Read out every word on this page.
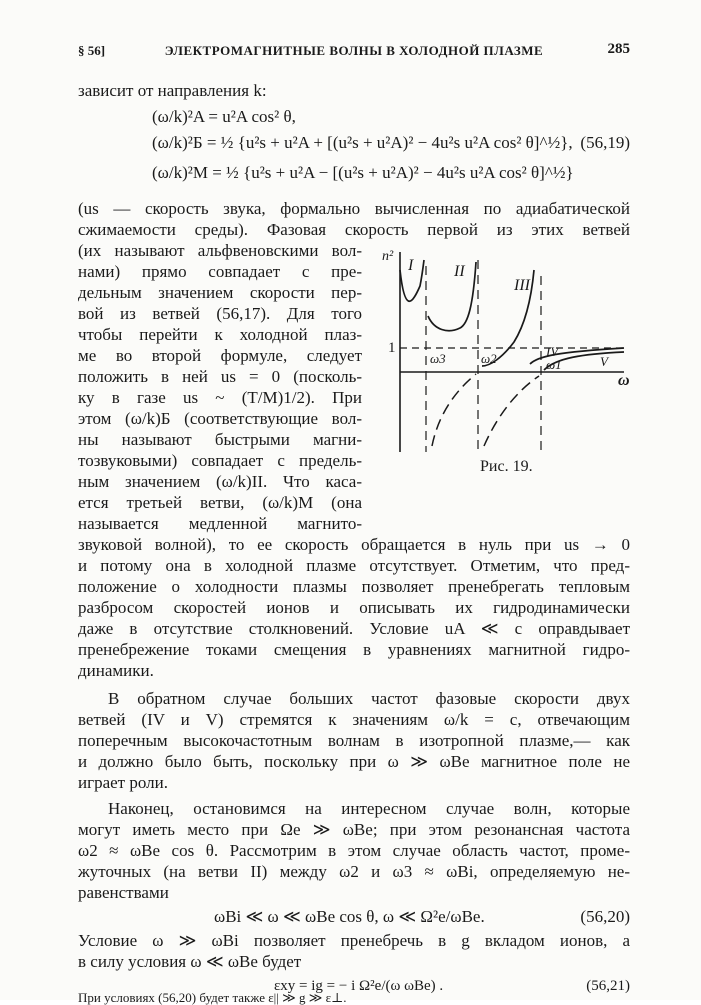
§ 56]	ЭЛЕКТРОМАГНИТНЫЕ ВОЛНЫ В ХОЛОДНОЙ ПЛАЗМЕ	285
зависит от направления k:
(ω/k)²A = u²A cos² θ,
(ω/k)²Б = ½ {u²s + u²A + [(u²s + u²A)² − 4u²s u²A cos² θ]^½}, (56,19)
(ω/k)²М = ½ {u²s + u²A − [(u²s + u²A)² − 4u²s u²A cos² θ]^½}
(us — скорость звука, формально вычисленная по адиабатической
сжимаемости среды). Фазовая скорость первой из этих ветвей
(их называют альфвеновскими вол-
нами) прямо совпадает с пре-
дельным значением скорости пер-
вой из ветвей (56,17). Для того
чтобы перейти к холодной плаз-
ме во второй формуле, следует
положить в ней us = 0 (посколь-
ку в газе us ~ (T/M)1/2). При
этом (ω/k)Б (соответствующие вол-
ны называют быстрыми магни-
тозвуковыми) совпадает с предель-
ным значением (ω/k)II. Что каса-
ется третьей ветви, (ω/k)М (она
называется медленной магнито-
n²
ω
1
I	II
III
IV
V
ω3	ω2	ω1
Рис. 19.
звуковой волной), то ее скорость обращается в нуль при us → 0
и потому она в холодной плазме отсутствует. Отметим, что пред-
положение о холодности плазмы позволяет пренебрегать тепловым
разбросом скоростей ионов и описывать их гидродинамически
даже в отсутствие столкновений. Условие uA ≪ c оправдывает
пренебрежение токами смещения в уравнениях магнитной гидро-
динамики.
В обратном случае больших частот фазовые скорости двух
ветвей (IV и V) стремятся к значениям ω/k = c, отвечающим
поперечным высокочастотным волнам в изотропной плазме,— как
и должно было быть, поскольку при ω ≫ ωBe магнитное поле не
играет роли.
Наконец, остановимся на интересном случае волн, которые
могут иметь место при Ωe ≫ ωBe; при этом резонансная частота
ω2 ≈ ωBe cos θ. Рассмотрим в этом случае область частот, проме-
жуточных (на ветви II) между ω2 и ω3 ≈ ωBi, определяемую не-
равенствами
ωBi ≪ ω ≪ ωBe cos θ, ω ≪ Ω²e/ωBe.	(56,20)
Условие ω ≫ ωBi позволяет пренебречь в g вкладом ионов, а
в силу условия ω ≪ ωBe будет
εxy = ig = − i Ω²e/(ω ωBe) .	(56,21)
При условиях (56,20) будет также ε|| ≫ g ≫ ε⊥.
